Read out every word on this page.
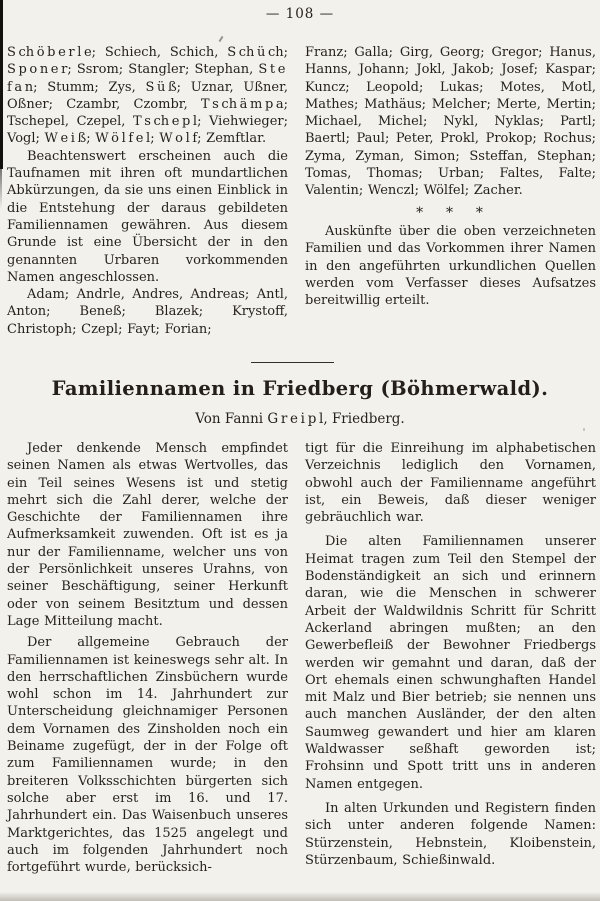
— 108 —

S ch ö b e r l e; Schiech, Schich, S ch ü ch; S p o n e r; Ssrom; Stangler; Stephan, S t e f a n; Stumm; Zys, S ü ß; Uznar, Ußner, Oßner; Czambr, Czombr, T s ch ä m p a; Tschepel, Czepel, T s ch e p l; Viehwieger; Vogl; W e i ß; W ö l f e l; W o l f; Zemftlar.

Beachtenswert erscheinen auch die Taufnamen mit ihren oft mundartlichen Abkürzungen, da sie uns einen Einblick in die Entstehung der daraus gebildeten Familiennamen gewähren. Aus diesem Grunde ist eine Übersicht der in den genannten Urbaren vorkommenden Namen angeschlossen.

Adam; Andrle, Andres, Andreas; Antl, Anton; Beneß; Blazek; Krystoff, Christoph; Czepl; Fayt; Forian;

Franz; Galla; Girg, Georg; Gregor; Hanus, Hanns, Johann; Jokl, Jakob; Josef; Kaspar; Kuncz; Leopold; Lukas; Motes, Motl, Mathes; Mathäus; Melcher; Merte, Mertin; Michael, Michel; Nykl, Nyklas; Partl; Baertl; Paul; Peter, Prokl, Prokop; Rochus; Zyma, Zyman, Simon; Ssteffan, Stephan; Tomas, Thomas; Urban; Faltes, Falte; Valentin; Wenczl; Wölfel; Zacher.

*   *   *

Auskünfte über die oben verzeichneten Familien und das Vorkommen ihrer Namen in den angeführten urkundlichen Quellen werden vom Verfasser dieses Aufsatzes bereitwillig erteilt.

Familiennamen in Friedberg (Böhmerwald).
Von Fanni G r e i p l, Friedberg.

Jeder denkende Mensch empfindet seinen Namen als etwas Wertvolles, das ein Teil seines Wesens ist und stetig mehrt sich die Zahl derer, welche der Geschichte der Familiennamen ihre Aufmerksamkeit zuwenden. Oft ist es ja nur der Familienname, welcher uns von der Persönlichkeit unseres Urahns, von seiner Beschäftigung, seiner Herkunft oder von seinem Besitztum und dessen Lage Mitteilung macht.

Der allgemeine Gebrauch der Familiennamen ist keineswegs sehr alt. In den herrschaftlichen Zinsbüchern wurde wohl schon im 14. Jahrhundert zur Unterscheidung gleichnamiger Personen dem Vornamen des Zinsholden noch ein Beiname zugefügt, der in der Folge oft zum Familiennamen wurde; in den breiteren Volksschichten bürgerten sich solche aber erst im 16. und 17. Jahrhundert ein. Das Waisenbuch unseres Marktgerichtes, das 1525 angelegt und auch im folgenden Jahrhundert noch fortgeführt wurde, berücksich-

tigt für die Einreihung im alphabetischen Verzeichnis lediglich den Vornamen, obwohl auch der Familienname angeführt ist, ein Beweis, daß dieser weniger gebräuchlich war.

Die alten Familiennamen unserer Heimat tragen zum Teil den Stempel der Bodenständigkeit an sich und erinnern daran, wie die Menschen in schwerer Arbeit der Waldwildnis Schritt für Schritt Ackerland abringen mußten; an den Gewerbefleiß der Bewohner Friedbergs werden wir gemahnt und daran, daß der Ort ehemals einen schwunghaften Handel mit Malz und Bier betrieb; sie nennen uns auch manchen Ausländer, der den alten Saumweg gewandert und hier am klaren Waldwasser seßhaft geworden ist; Frohsinn und Spott tritt uns in anderen Namen entgegen.

In alten Urkunden und Registern finden sich unter anderen folgende Namen: Stürzenstein, Hebnstein, Kloibenstein, Stürzenbaum, Schießinwald.
